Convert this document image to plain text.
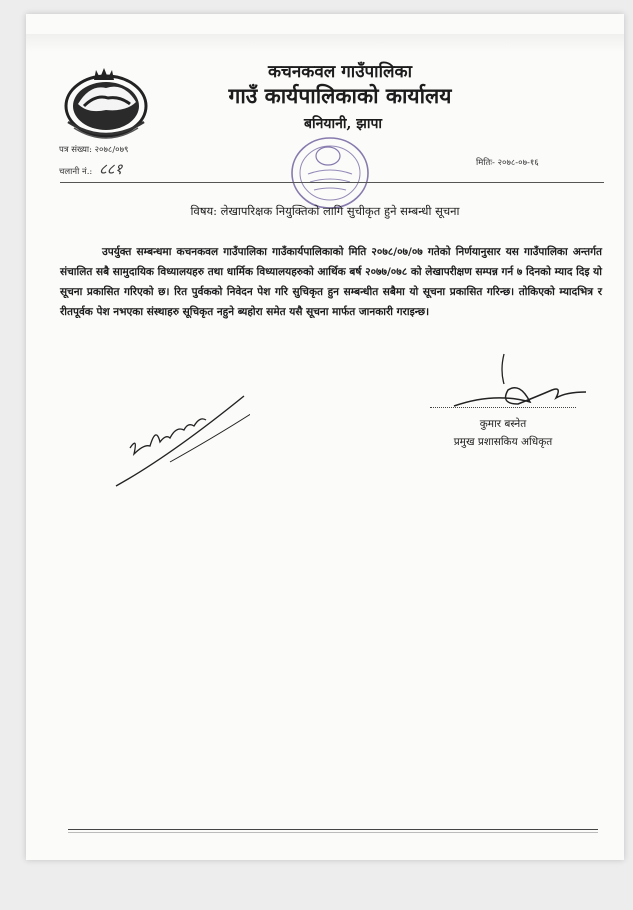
कचनकवल गाउँपालिका
गाउँ कार्यपालिकाको कार्यालय
बनियानी, झापा
पत्र संख्या: २०७८/०७९
चलानी नं.: ८८१	मितिः- २०७८-०७-१६
विषय: लेखापरिक्षक नियुक्तिको लागि सुचीकृत हुने सम्बन्धी सूचना

उपर्युक्त सम्बन्धमा कचनकवल गाउँपालिका गाउँकार्यपालिकाको मिति २०७८/०७/०७ गतेको निर्णयानुसार यस गाउँपालिका अन्तर्गत संचालित सबै सामुदायिक विध्यालयहरु तथा धार्मिक विध्यालयहरुको आर्थिक बर्ष २०७७/०७८ को लेखापरीक्षण सम्पन्न गर्न ७ दिनको म्याद दिइ यो सूचना प्रकासित गरिएको छ। रित पुर्वकको निवेदन पेश गरि सुचिकृत हुन सम्बन्धीत सबैमा यो सूचना प्रकासित गरिन्छ। तोकिएको म्यादभित्र र रीतपूर्वक पेश नभएका संस्थाहरु सूचिकृत नहुने ब्यहोरा समेत यसै सूचना मार्फत जानकारी गराइन्छ।

कुमार बस्नेत
प्रमुख प्रशासकिय अधिकृत
